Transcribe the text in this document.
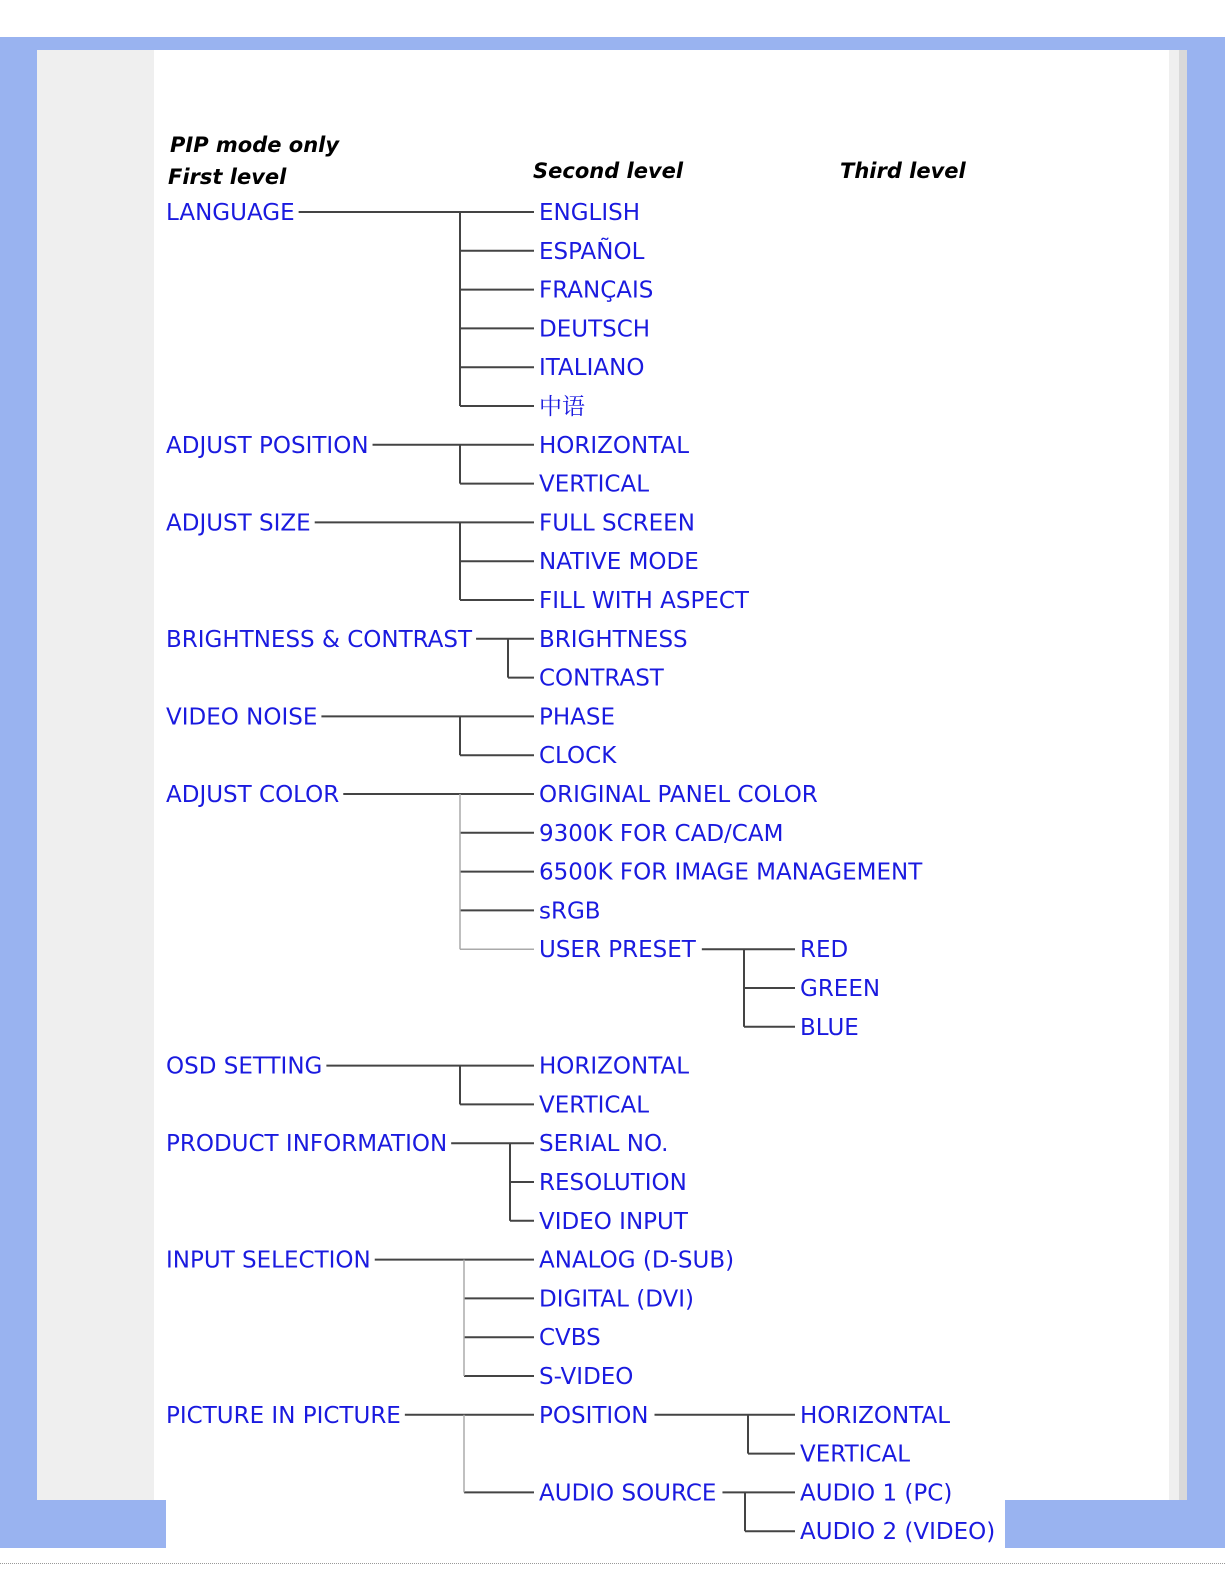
PIP mode only
First level	Second level	Third level
LANGUAGE	ENGLISH
ESPAÑOL
FRANÇAIS
DEUTSCH
ITALIANO
中语
ADJUST POSITION	HORIZONTAL
VERTICAL
ADJUST SIZE	FULL SCREEN
NATIVE MODE
FILL WITH ASPECT
BRIGHTNESS & CONTRAST	BRIGHTNESS
CONTRAST
VIDEO NOISE	PHASE
CLOCK
ADJUST COLOR	ORIGINAL PANEL COLOR
9300K FOR CAD/CAM
6500K FOR IMAGE MANAGEMENT
sRGB
USER PRESET	RED
GREEN
BLUE
OSD SETTING	HORIZONTAL
VERTICAL
PRODUCT INFORMATION	SERIAL NO.
RESOLUTION
VIDEO INPUT
INPUT SELECTION	ANALOG (D-SUB)
DIGITAL (DVI)
CVBS
S-VIDEO
PICTURE IN PICTURE	POSITION	HORIZONTAL
VERTICAL
AUDIO SOURCE	AUDIO 1 (PC)
AUDIO 2 (VIDEO)
